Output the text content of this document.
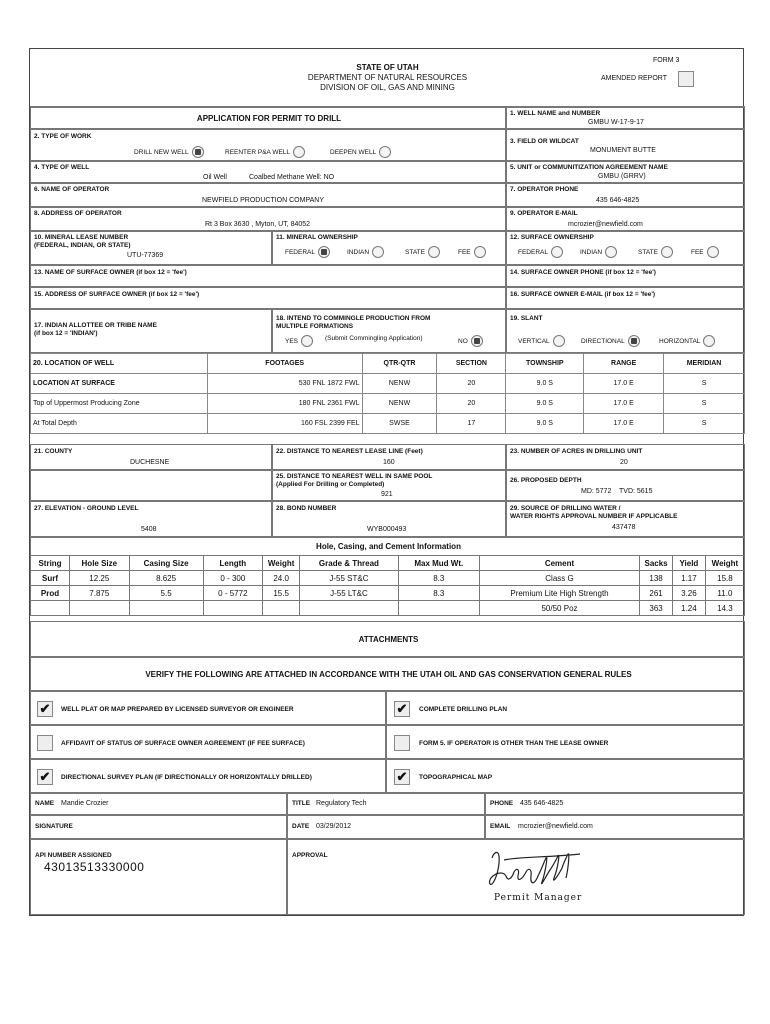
STATE OF UTAH
DEPARTMENT OF NATURAL RESOURCES
DIVISION OF OIL, GAS AND MINING
FORM 3
AMENDED REPORT
APPLICATION FOR PERMIT TO DRILL
1. WELL NAME and NUMBER
GMBU W-17-9-17
2. TYPE OF WORK
DRILL NEW WELL	REENTER P&A WELL	DEEPEN WELL
3. FIELD OR WILDCAT
MONUMENT BUTTE
4. TYPE OF WELL
Oil Well	Coalbed Methane Well: NO
5. UNIT or COMMUNITIZATION AGREEMENT NAME
GMBU (GRRV)
6. NAME OF OPERATOR
NEWFIELD PRODUCTION COMPANY
7. OPERATOR PHONE
435 646-4825
8. ADDRESS OF OPERATOR
Rt 3 Box 3630 , Myton, UT, 84052
9. OPERATOR E-MAIL
mcrozier@newfield.com
10. MINERAL LEASE NUMBER
(FEDERAL, INDIAN, OR STATE)
UTU-77369
11. MINERAL OWNERSHIP
FEDERAL	INDIAN	STATE	FEE
12. SURFACE OWNERSHIP
FEDERAL	INDIAN	STATE	FEE
13. NAME OF SURFACE OWNER (if box 12 = 'fee')	14. SURFACE OWNER PHONE (if box 12 = 'fee')
15. ADDRESS OF SURFACE OWNER (if box 12 = 'fee')	16. SURFACE OWNER E-MAIL (if box 12 = 'fee')
17. INDIAN ALLOTTEE OR TRIBE NAME
(if box 12 = 'INDIAN')
18. INTEND TO COMMINGLE PRODUCTION FROM
MULTIPLE FORMATIONS
YES	(Submit Commingling Application)	NO
19. SLANT
VERTICAL	DIRECTIONAL	HORIZONTAL
20. LOCATION OF WELL	FOOTAGES	QTR-QTR	SECTION	TOWNSHIP	RANGE	MERIDIAN
LOCATION AT SURFACE	530 FNL 1872 FWL	NENW	20	9.0 S	17.0 E	S
Top of Uppermost Producing Zone	180 FNL 2361 FWL	NENW	20	9.0 S	17.0 E	S
At Total Depth	160 FSL 2399 FEL	SWSE	17	9.0 S	17.0 E	S
21. COUNTY
DUCHESNE
22. DISTANCE TO NEAREST LEASE LINE (Feet)
160
23. NUMBER OF ACRES IN DRILLING UNIT
20
25. DISTANCE TO NEAREST WELL IN SAME POOL
(Applied For Drilling or Completed)
921
26. PROPOSED DEPTH
MD: 5772    TVD: 5615
27. ELEVATION - GROUND LEVEL
5408
28. BOND NUMBER
WYB000493
29. SOURCE OF DRILLING WATER /
WATER RIGHTS APPROVAL NUMBER IF APPLICABLE
437478
Hole, Casing, and Cement Information
String	Hole Size	Casing Size	Length	Weight	Grade & Thread	Max Mud Wt.	Cement	Sacks	Yield	Weight
Surf	12.25	8.625	0 - 300	24.0	J-55 ST&C	8.3	Class G	138	1.17	15.8
Prod	7.875	5.5	0 - 5772	15.5	J-55 LT&C	8.3	Premium Lite High Strength	261	3.26	11.0
							50/50 Poz	363	1.24	14.3
ATTACHMENTS
VERIFY THE FOLLOWING ARE ATTACHED IN ACCORDANCE WITH THE UTAH OIL AND GAS CONSERVATION GENERAL RULES
✔	WELL PLAT OR MAP PREPARED BY LICENSED SURVEYOR OR ENGINEER	✔	COMPLETE DRILLING PLAN
AFFIDAVIT OF STATUS OF SURFACE OWNER AGREEMENT (IF FEE SURFACE)	FORM 5. IF OPERATOR IS OTHER THAN THE LEASE OWNER
✔	DIRECTIONAL SURVEY PLAN (IF DIRECTIONALLY OR HORIZONTALLY DRILLED)	✔	TOPOGRAPHICAL MAP
NAME Mandie Crozier	TITLE Regulatory Tech	PHONE 435 646-4825
SIGNATURE	DATE 03/29/2012	EMAIL mcrozier@newfield.com
API NUMBER ASSIGNED
43013513330000
APPROVAL
Permit Manager
